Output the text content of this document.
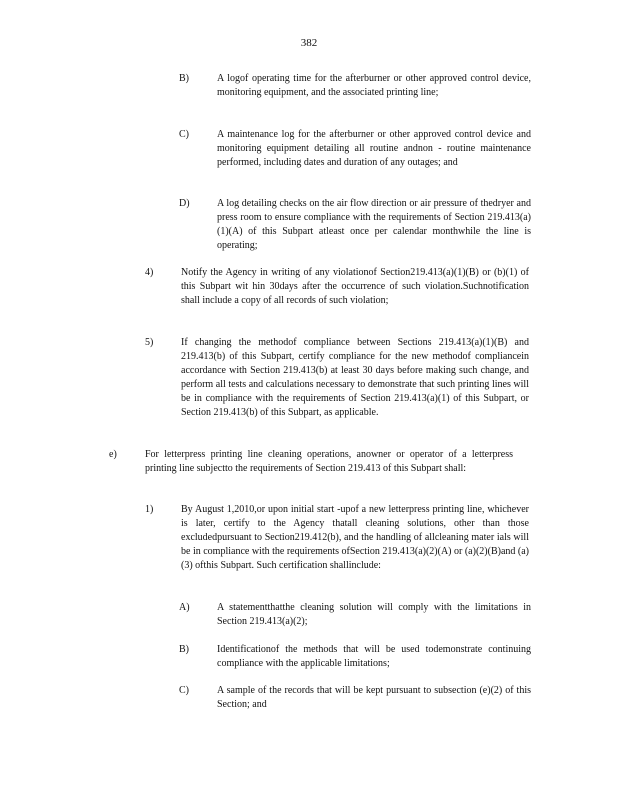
382
B)	A logof operating time for the afterburner or other approved control device, monitoring equipment, and the associated printing line;
C)	A maintenance log for the afterburner or other approved control device and monitoring equipment detailing all routine andnon - routine maintenance performed, including dates and duration of any outages; and
D)	A log detailing checks on the air flow direction or air pressure of thedryer and press room to ensure compliance with the requirements of Section 219.413(a)(1)(A) of this Subpart atleast once per calendar monthwhile the line is operating;
4)	Notify the Agency in writing of any violationof Section219.413(a)(1)(B) or (b)(1) of this Subpart wit hin 30days after the occurrence of such violation.Suchnotification shall include a copy of all records of such violation;
5)	If changing the methodof compliance between Sections 219.413(a)(1)(B) and 219.413(b) of this Subpart, certify compliance for the new methodof compliancein accordance with Section 219.413(b) at least 30 days before making such change, and perform all tests and calculations necessary to demonstrate that such printing lines will be in compliance with the requirements of Section 219.413(a)(1) of this Subpart, or Section 219.413(b) of this Subpart, as applicable.
e)	For letterpress printing line cleaning operations, anowner or operator of a letterpress printing line subjectto the requirements of Section 219.413 of this Subpart shall:
1)	By August 1,2010,or upon initial start -upof a new letterpress printing line, whichever is later, certify to the Agency thatall cleaning solutions, other than those excludedpursuant to Section219.412(b), and the handling of allcleaning mater ials will be in compliance with the requirements ofSection 219.413(a)(2)(A) or (a)(2)(B)and (a)(3) ofthis Subpart. Such certification shallinclude:
A)	A statementthatthe cleaning solution will comply with the limitations in Section 219.413(a)(2);
B)	Identificationof the methods that will be used todemonstrate continuing compliance with the applicable limitations;
C)	A sample of the records that will be kept pursuant to subsection (e)(2) of this Section; and
